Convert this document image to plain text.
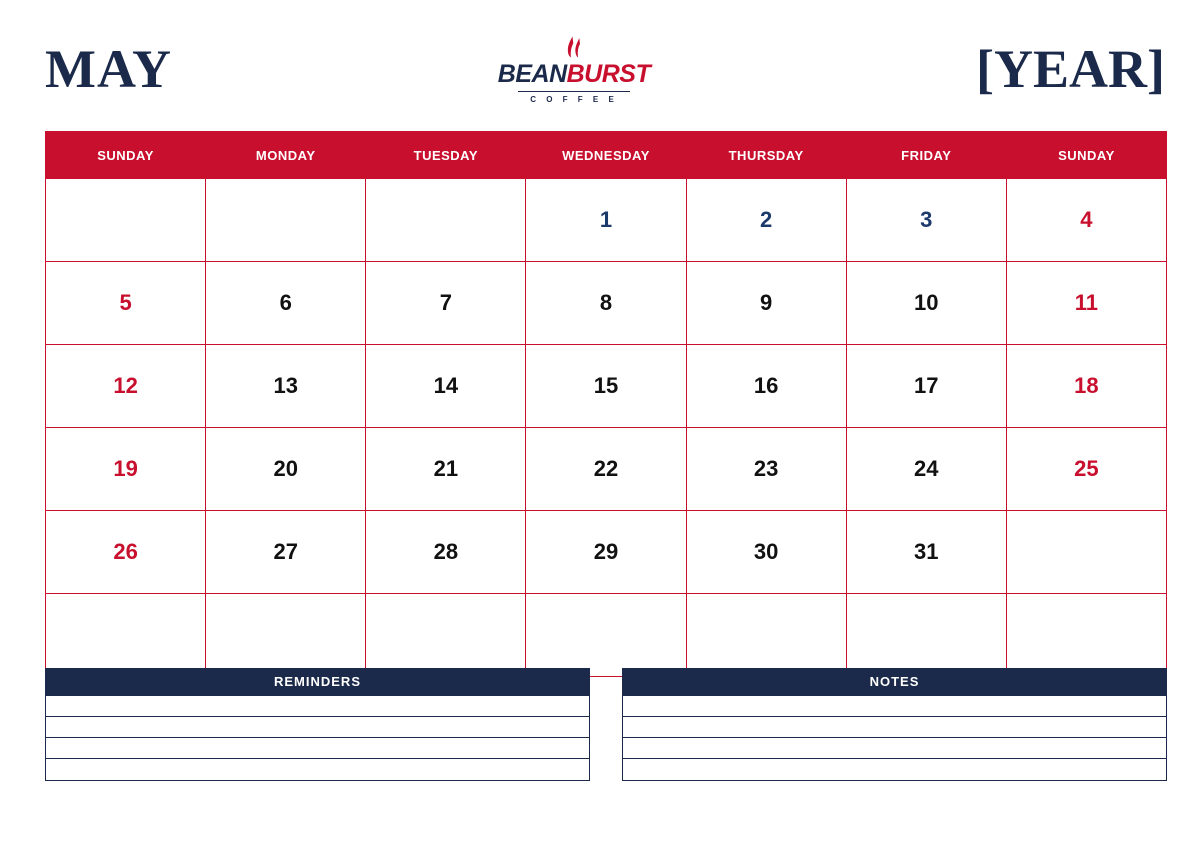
MAY	BEANBURST
C O F F E E
[YEAR]
SUNDAY	MONDAY	TUESDAY	WEDNESDAY	THURSDAY	FRIDAY	SUNDAY
			1	2	3	4
5	6	7	8	9	10	11
12	13	14	15	16	17	18
19	20	21	22	23	24	25
26	27	28	29	30	31	

REMINDERS	NOTES
